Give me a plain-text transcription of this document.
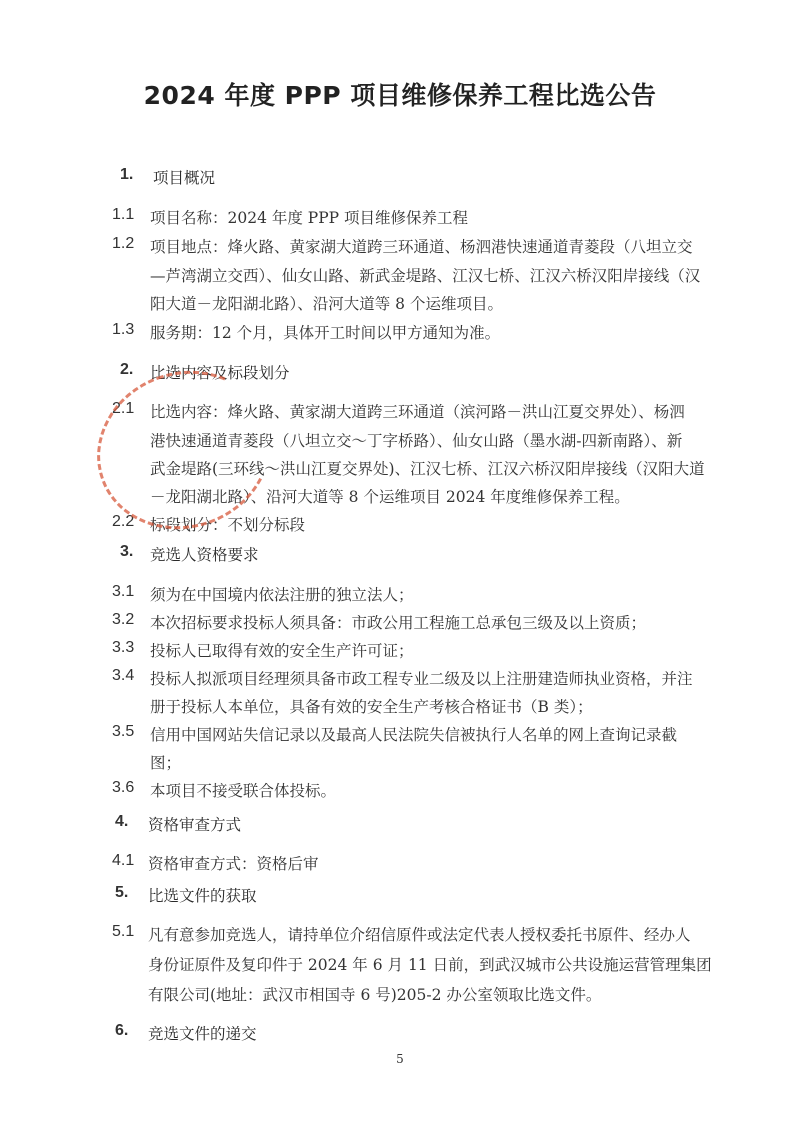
2024 年度 PPP 项目维修保养工程比选公告
1. 项目概况
1.1 项目名称：2024 年度 PPP 项目维修保养工程
1.2 项目地点：烽火路、黄家湖大道跨三环通道、杨泗港快速通道青菱段（八坦立交
—芦湾湖立交西）、仙女山路、新武金堤路、江汉七桥、江汉六桥汉阳岸接线（汉
阳大道－龙阳湖北路）、沿河大道等 8 个运维项目。
1.3 服务期：12 个月，具体开工时间以甲方通知为准。
2. 比选内容及标段划分
2.1 比选内容：烽火路、黄家湖大道跨三环通道（滨河路－洪山江夏交界处）、杨泗
港快速通道青菱段（八坦立交～丁字桥路）、仙女山路（墨水湖-四新南路）、新
武金堤路(三环线～洪山江夏交界处)、江汉七桥、江汉六桥汉阳岸接线（汉阳大道
－龙阳湖北路）、沿河大道等 8 个运维项目 2024 年度维修保养工程。
2.2 标段划分：不划分标段
3. 竞选人资格要求
3.1 须为在中国境内依法注册的独立法人；
3.2 本次招标要求投标人须具备：市政公用工程施工总承包三级及以上资质；
3.3 投标人已取得有效的安全生产许可证；
3.4 投标人拟派项目经理须具备市政工程专业二级及以上注册建造师执业资格，并注
册于投标人本单位，具备有效的安全生产考核合格证书（B 类）；
3.5 信用中国网站失信记录以及最高人民法院失信被执行人名单的网上查询记录截
图；
3.6 本项目不接受联合体投标。
4. 资格审查方式
4.1 资格审查方式：资格后审
5. 比选文件的获取
5.1 凡有意参加竞选人，请持单位介绍信原件或法定代表人授权委托书原件、经办人
身份证原件及复印件于 2024 年 6 月 11 日前，到武汉城市公共设施运营管理集团
有限公司(地址：武汉市相国寺 6 号)205-2 办公室领取比选文件。
6. 竞选文件的递交
5
